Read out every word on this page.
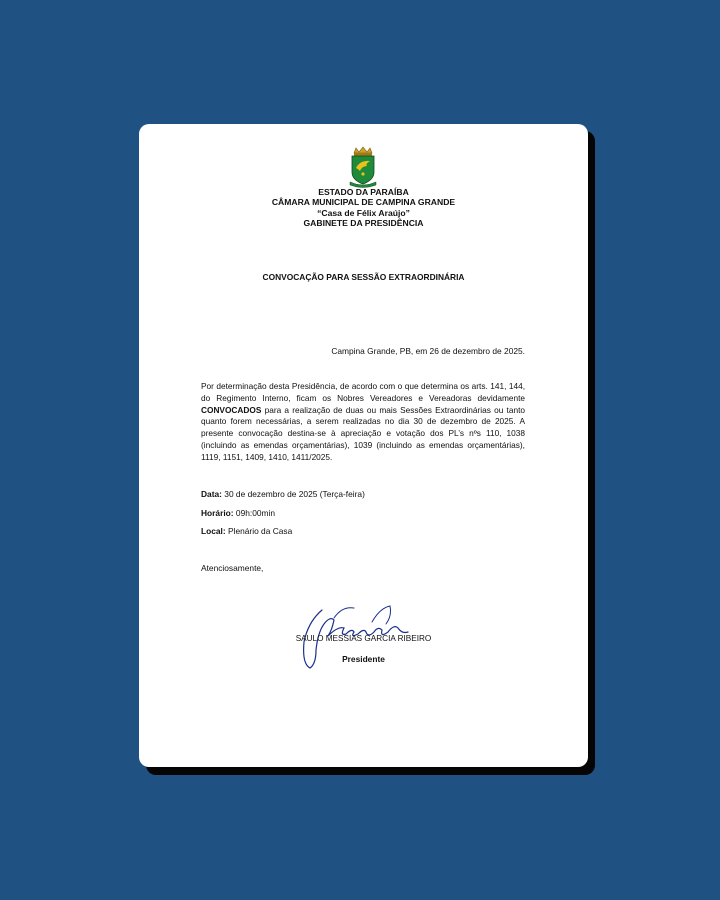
ESTADO DA PARAÍBA
CÂMARA MUNICIPAL DE CAMPINA GRANDE
“Casa de Félix Araújo”
GABINETE DA PRESIDÊNCIA
CONVOCAÇÃO PARA SESSÃO EXTRAORDINÁRIA
Campina Grande, PB, em 26 de dezembro de 2025.
Por determinação desta Presidência, de acordo com o que determina os arts. 141, 144, do Regimento Interno, ficam os Nobres Vereadores e Vereadoras devidamente CONVOCADOS para a realização de duas ou mais Sessões Extraordinárias ou tanto quanto forem necessárias, a serem realizadas no dia 30 de dezembro de 2025. A presente convocação destina-se à apreciação e votação dos PL’s nºs 110, 1038 (incluindo as emendas orçamentárias), 1039 (incluindo as emendas orçamentárias), 1119, 1151, 1409, 1410, 1411/2025.
Data: 30 de dezembro de 2025 (Terça-feira)
Horário: 09h:00min
Local: Plenário da Casa
Atenciosamente,
SAULO MESSIAS GARCIA RIBEIRO
Presidente
